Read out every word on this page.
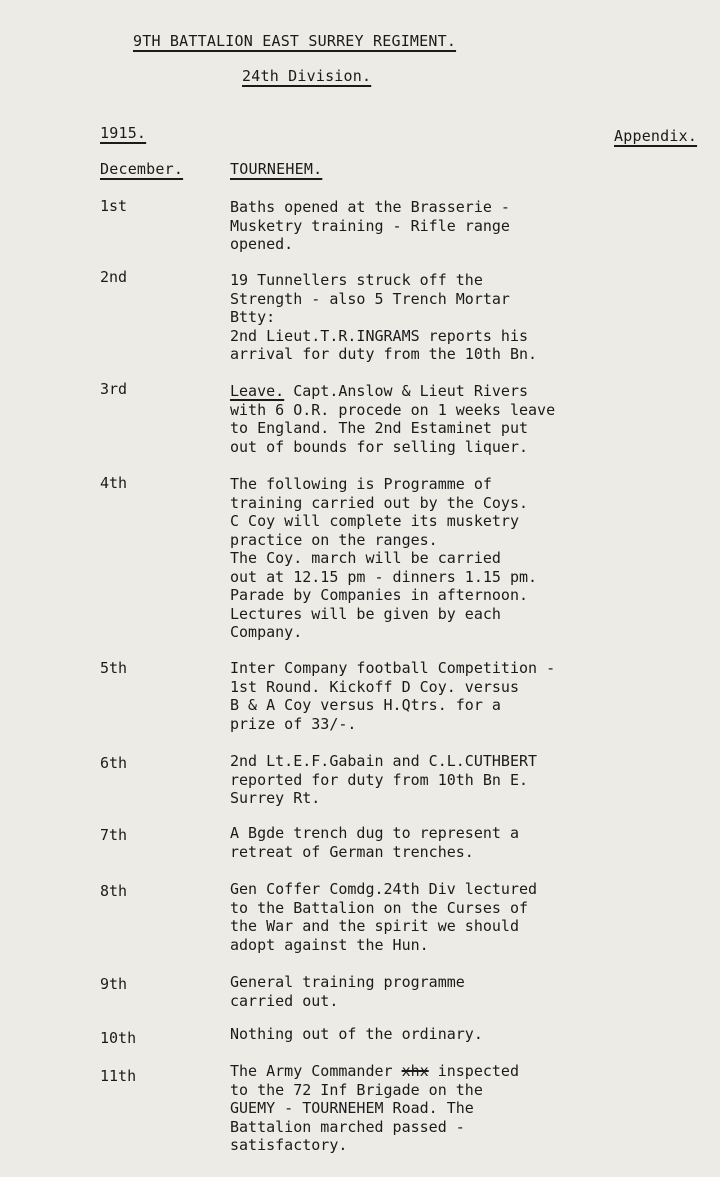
9TH BATTALION EAST SURREY REGIMENT.
24th Division.
1915.	Appendix.
December.	TOURNEHEM.
1st	Baths opened at the Brasserie -
Musketry training - Rifle range
opened.
2nd	19 Tunnellers struck off the
Strength - also 5 Trench Mortar
Btty:
2nd Lieut.T.R.INGRAMS reports his
arrival for duty from the 10th Bn.
3rd	Leave. Capt.Anslow & Lieut Rivers
with 6 O.R. procede on 1 weeks leave
to England. The 2nd Estaminet put
out of bounds for selling liquer.
4th	The following is Programme of
training carried out by the Coys.
C Coy will complete its musketry
practice on the ranges.
The Coy. march will be carried
out at 12.15 pm - dinners 1.15 pm.
Parade by Companies in afternoon.
Lectures will be given by each
Company.
5th	Inter Company football Competition -
1st Round. Kickoff D Coy. versus
B & A Coy versus H.Qtrs. for a
prize of 33/-.
6th	2nd Lt.E.F.Gabain and C.L.CUTHBERT
reported for duty from 10th Bn E.
Surrey Rt.
7th	A Bgde trench dug to represent a
retreat of German trenches.
8th	Gen Coffer Comdg.24th Div lectured
to the Battalion on the Curses of
the War and the spirit we should
adopt against the Hun.
9th	General training programme
carried out.
10th	Nothing out of the ordinary.
11th	The Army Commander xhx inspected
to the 72 Inf Brigade on the
GUEMY - TOURNEHEM Road. The
Battalion marched passed -
satisfactory.
